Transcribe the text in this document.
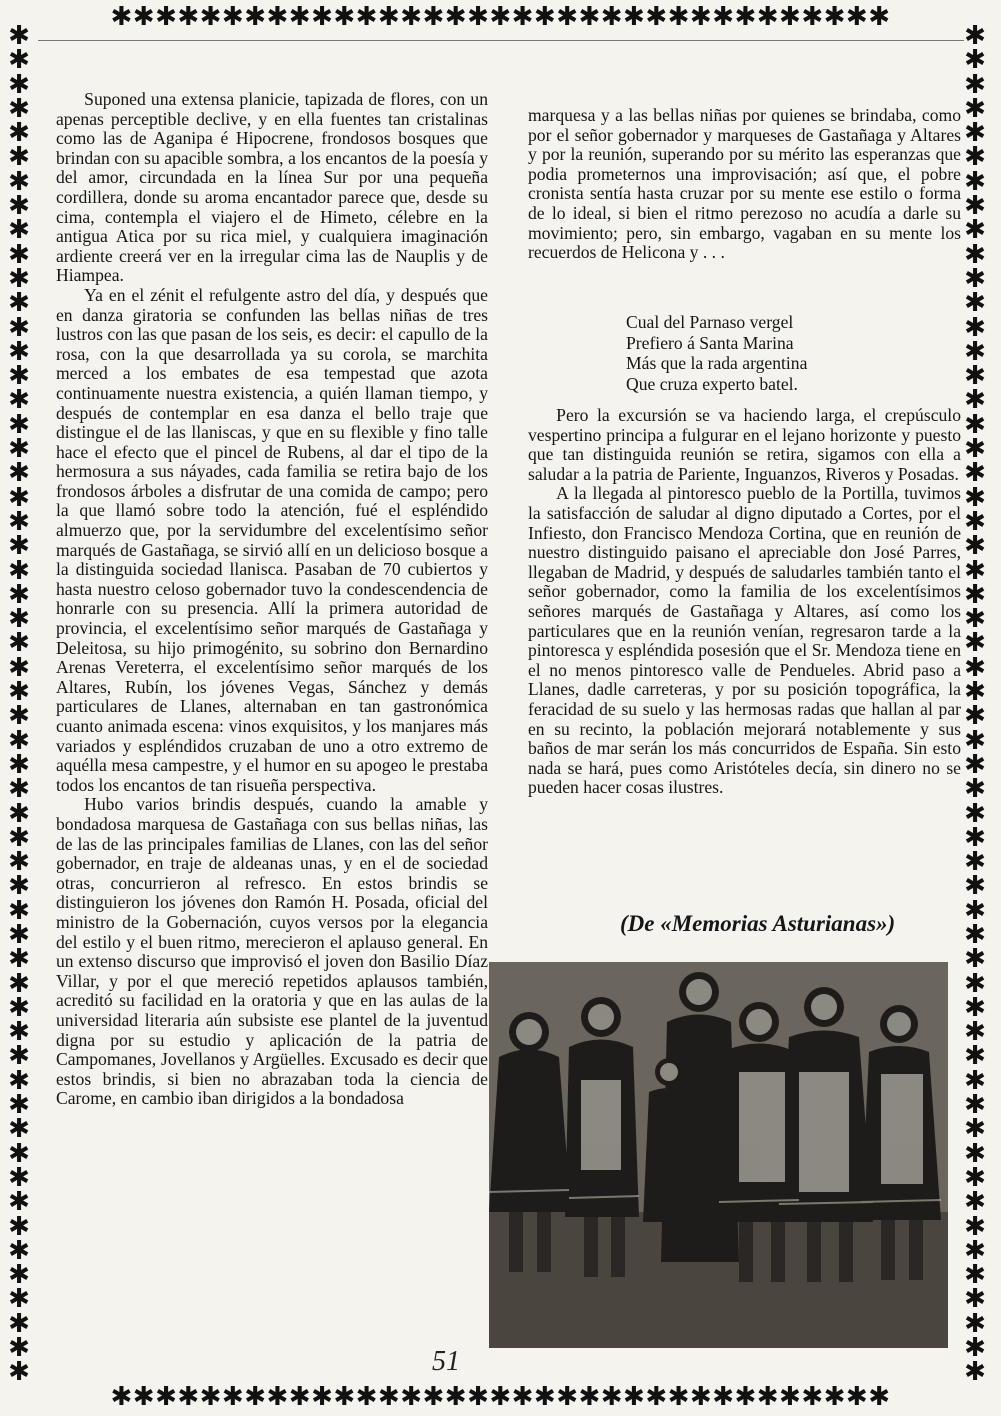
✱✱✱✱✱✱✱✱✱✱✱✱✱✱✱✱✱✱✱✱✱✱✱✱✱✱✱✱✱✱✱✱✱✱✱
✱
✱
✱
✱
✱
✱
✱
✱
✱
✱
✱
✱
✱
✱
✱
✱
✱
✱
✱
✱
✱
✱
✱
✱
✱
✱
✱
✱
✱
✱
✱
✱
✱
✱
✱
✱
✱
✱
✱
✱
✱
✱
✱
✱
✱
✱
✱
✱
✱
✱
✱
✱
✱
✱
✱
✱
✱
✱
✱
✱
✱
✱
✱
✱
✱
✱
✱
✱
✱
✱
✱
✱
✱
✱
✱
✱
✱
✱
✱
✱
✱
✱
✱
✱
✱
✱
✱
✱
✱
✱
✱
✱
✱
✱
✱
✱
✱
✱
✱
✱
✱
✱
✱
✱
✱
✱
✱
✱
✱
✱
✱
✱
✱✱✱✱✱✱✱✱✱✱✱✱✱✱✱✱✱✱✱✱✱✱✱✱✱✱✱✱✱✱✱✱✱✱✱

Suponed una extensa planicie, tapizada de flores, con un apenas perceptible declive, y en ella fuentes tan cristalinas como las de Aganipa é Hipocrene, frondosos bosques que brindan con su apacible sombra, a los encantos de la poesía y del amor, circundada en la línea Sur por una pequeña cordillera, donde su aroma encantador parece que, desde su cima, contempla el viajero el de Himeto, célebre en la antigua Atica por su rica miel, y cualquiera imaginación ardiente creerá ver en la irregular cima las de Nauplis y de Hiampea.

Ya en el zénit el refulgente astro del día, y después que en danza giratoria se confunden las bellas niñas de tres lustros con las que pasan de los seis, es decir: el capullo de la rosa, con la que desarrollada ya su corola, se marchita merced a los embates de esa tempestad que azota continuamente nuestra existencia, a quién llaman tiempo, y después de contemplar en esa danza el bello traje que distingue el de las llaniscas, y que en su flexible y fino talle hace el efecto que el pincel de Rubens, al dar el tipo de la hermosura a sus náyades, cada familia se retira bajo de los frondosos árboles a disfrutar de una comida de campo; pero la que llamó sobre todo la atención, fué el espléndido almuerzo que, por la servidumbre del excelentísimo señor marqués de Gastañaga, se sirvió allí en un delicioso bosque a la distinguida sociedad llanisca. Pasaban de 70 cubiertos y hasta nuestro celoso gobernador tuvo la condescendencia de honrarle con su presencia. Allí la primera autoridad de provincia, el excelentísimo señor marqués de Gastañaga y Deleitosa, su hijo primogénito, su sobrino don Bernardino Arenas Vereterra, el excelentísimo señor marqués de los Altares, Rubín, los jóvenes Vegas, Sánchez y demás particulares de Llanes, alternaban en tan gastronómica cuanto animada escena: vinos exquisitos, y los manjares más variados y espléndidos cruzaban de uno a otro extremo de aquélla mesa campestre, y el humor en su apogeo le prestaba todos los encantos de tan risueña perspectiva.

Hubo varios brindis después, cuando la amable y bondadosa marquesa de Gastañaga con sus bellas niñas, las de las de las principales familias de Llanes, con las del señor gobernador, en traje de aldeanas unas, y en el de sociedad otras, concurrieron al refresco. En estos brindis se distinguieron los jóvenes don Ramón H. Posada, oficial del ministro de la Gobernación, cuyos versos por la elegancia del estilo y el buen ritmo, merecieron el aplauso general. En un extenso discurso que improvisó el joven don Basilio Díaz Villar, y por el que mereció repetidos aplausos también, acreditó su facilidad en la oratoria y que en las aulas de la universidad literaria aún subsiste ese plantel de la juventud digna por su estudio y aplicación de la patria de Campomanes, Jovellanos y Argüelles. Excusado es decir que estos brindis, si bien no abrazaban toda la ciencia de Carome, en cambio iban dirigidos a la bondadosa

marquesa y a las bellas niñas por quienes se brindaba, como por el señor gobernador y marqueses de Gastañaga y Altares y por la reunión, superando por su mérito las esperanzas que podia prometernos una improvisación; así que, el pobre cronista sentía hasta cruzar por su mente ese estilo o forma de lo ideal, si bien el ritmo perezoso no acudía a darle su movimiento; pero, sin embargo, vagaban en su mente los recuerdos de Helicona y . . .

Cual del Parnaso vergel
Prefiero á Santa Marina
Más que la rada argentina
Que cruza experto batel.

Pero la excursión se va haciendo larga, el crepúsculo vespertino principa a fulgurar en el lejano horizonte y puesto que tan distinguida reunión se retira, sigamos con ella a saludar a la patria de Pariente, Inguanzos, Riveros y Posadas.

A la llegada al pintoresco pueblo de la Portilla, tuvimos la satisfacción de saludar al digno diputado a Cortes, por el Infiesto, don Francisco Mendoza Cortina, que en reunión de nuestro distinguido paisano el apreciable don José Parres, llegaban de Madrid, y después de saludarles también tanto el señor gobernador, como la familia de los excelentísimos señores marqués de Gastañaga y Altares, así como los particulares que en la reunión venían, regresaron tarde a la pintoresca y espléndida posesión que el Sr. Mendoza tiene en el no menos pintoresco valle de Pendueles. Abrid paso a Llanes, dadle carreteras, y por su posición topográfica, la feracidad de su suelo y las hermosas radas que hallan al par en su recinto, la población mejorará notablemente y sus baños de mar serán los más concurridos de España. Sin esto nada se hará, pues como Aristóteles decía, sin dinero no se pueden hacer cosas ilustres.

(De «Memorias Asturianas»)
51
